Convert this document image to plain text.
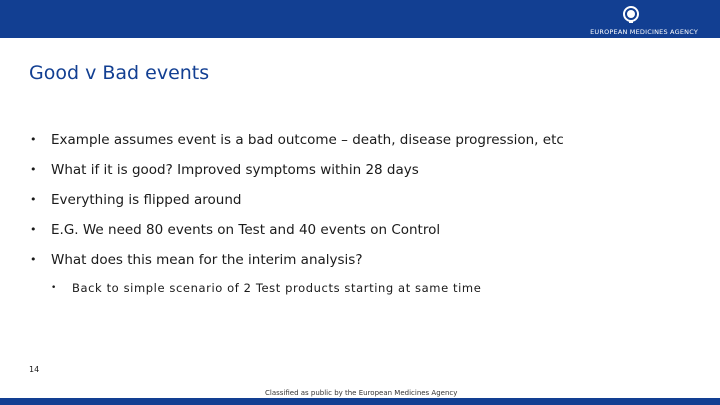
EUROPEAN MEDICINES AGENCY
Good v Bad events
• Example assumes event is a bad outcome – death, disease progression, etc
• What if it is good? Improved symptoms within 28 days
• Everything is flipped around
• E.G. We need 80 events on Test and 40 events on Control
• What does this mean for the interim analysis?
• Back to simple scenario of 2 Test products starting at same time
14
Classified as public by the European Medicines Agency
